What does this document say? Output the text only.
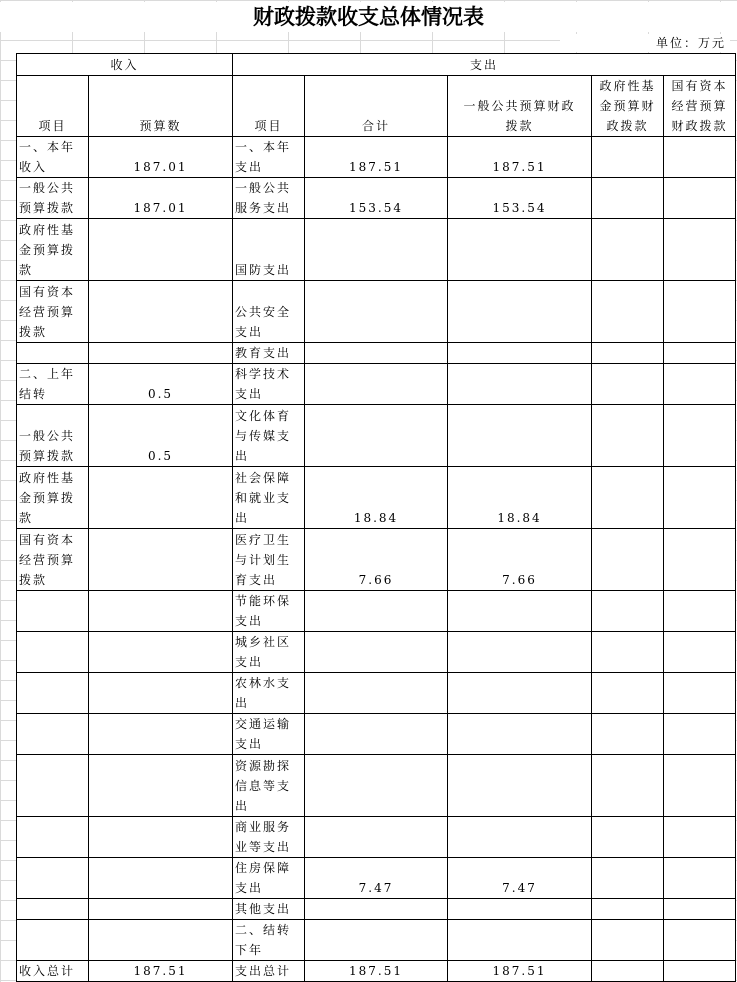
财政拨款收支总体情况表
单位：万元
收入		支出				
项目	预算数	项目	合计	一般公共预算财政拨款	政府性基金预算财政拨款	国有资本经营预算财政拨款
一、本年收入	187.01	一、本年支出	187.51	187.51		
一般公共预算拨款	187.01	一般公共服务支出	153.54	153.54		
政府性基金预算拨款		国防支出				
国有资本经营预算拨款		公共安全支出				
		教育支出				
二、上年结转	0.5	科学技术支出				
一般公共预算拨款	0.5	文化体育与传媒支出				
政府性基金预算拨款		社会保障和就业支出	18.84	18.84		
国有资本经营预算拨款		医疗卫生与计划生育支出	7.66	7.66		
		节能环保支出				
		城乡社区支出				
		农林水支出				
		交通运输支出				
		资源勘探信息等支出				
		商业服务业等支出				
		住房保障支出	7.47	7.47		
		其他支出				
		二、结转下年				
收入总计	187.51	支出总计	187.51	187.51		
